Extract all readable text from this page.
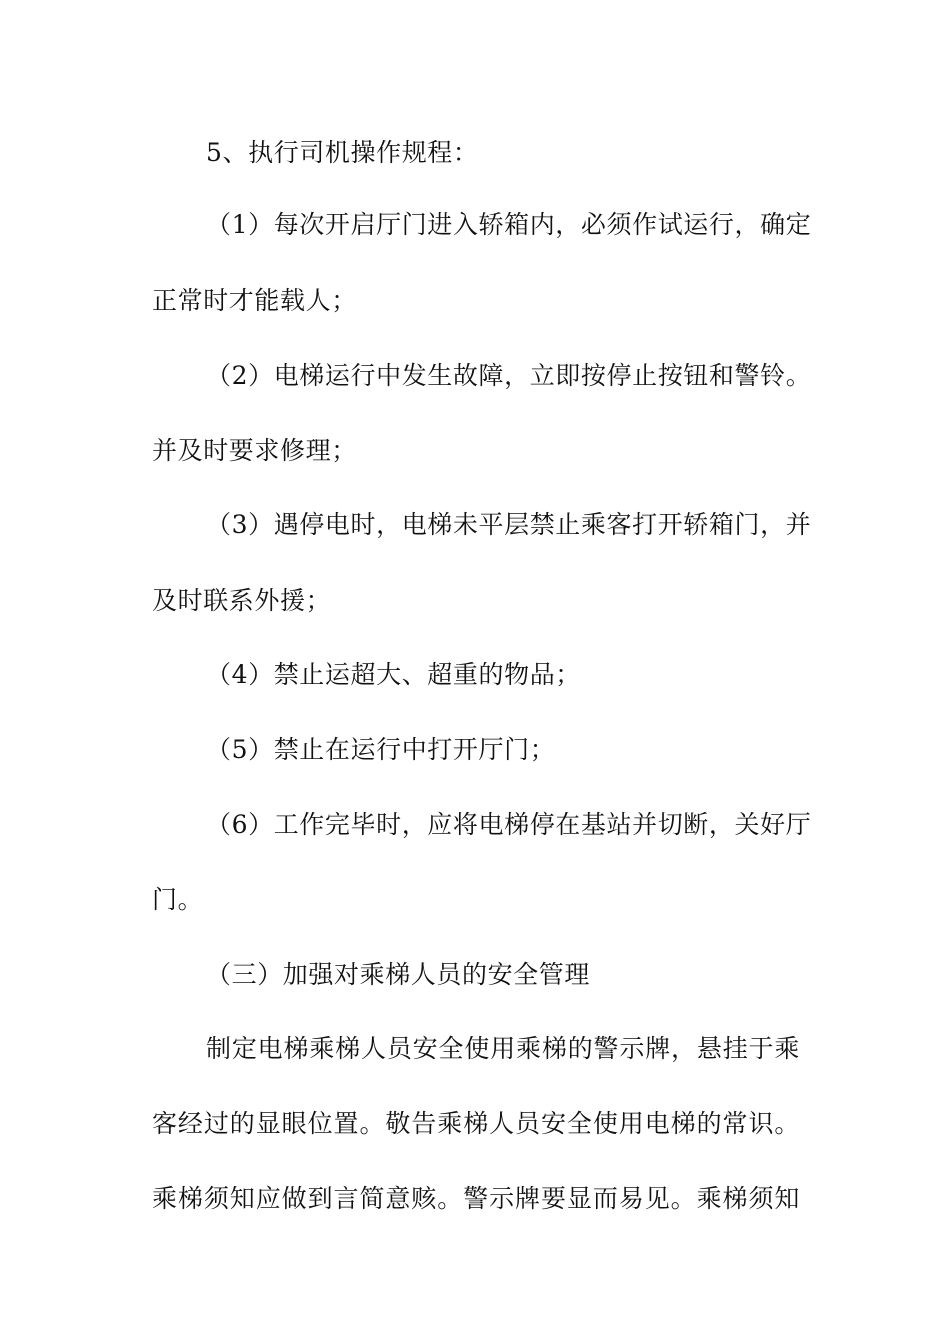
5、执行司机操作规程：
（1）每次开启厅门进入轿箱内，必须作试运行，确定
正常时才能载人；
（2）电梯运行中发生故障，立即按停止按钮和警铃。
并及时要求修理；
（3）遇停电时，电梯未平层禁止乘客打开轿箱门，并
及时联系外援；
（4）禁止运超大、超重的物品；
（5）禁止在运行中打开厅门；
（6）工作完毕时，应将电梯停在基站并切断，关好厅
门。
（三）加强对乘梯人员的安全管理
制定电梯乘梯人员安全使用乘梯的警示牌，悬挂于乘
客经过的显眼位置。敬告乘梯人员安全使用电梯的常识。
乘梯须知应做到言简意赅。警示牌要显而易见。乘梯须知
